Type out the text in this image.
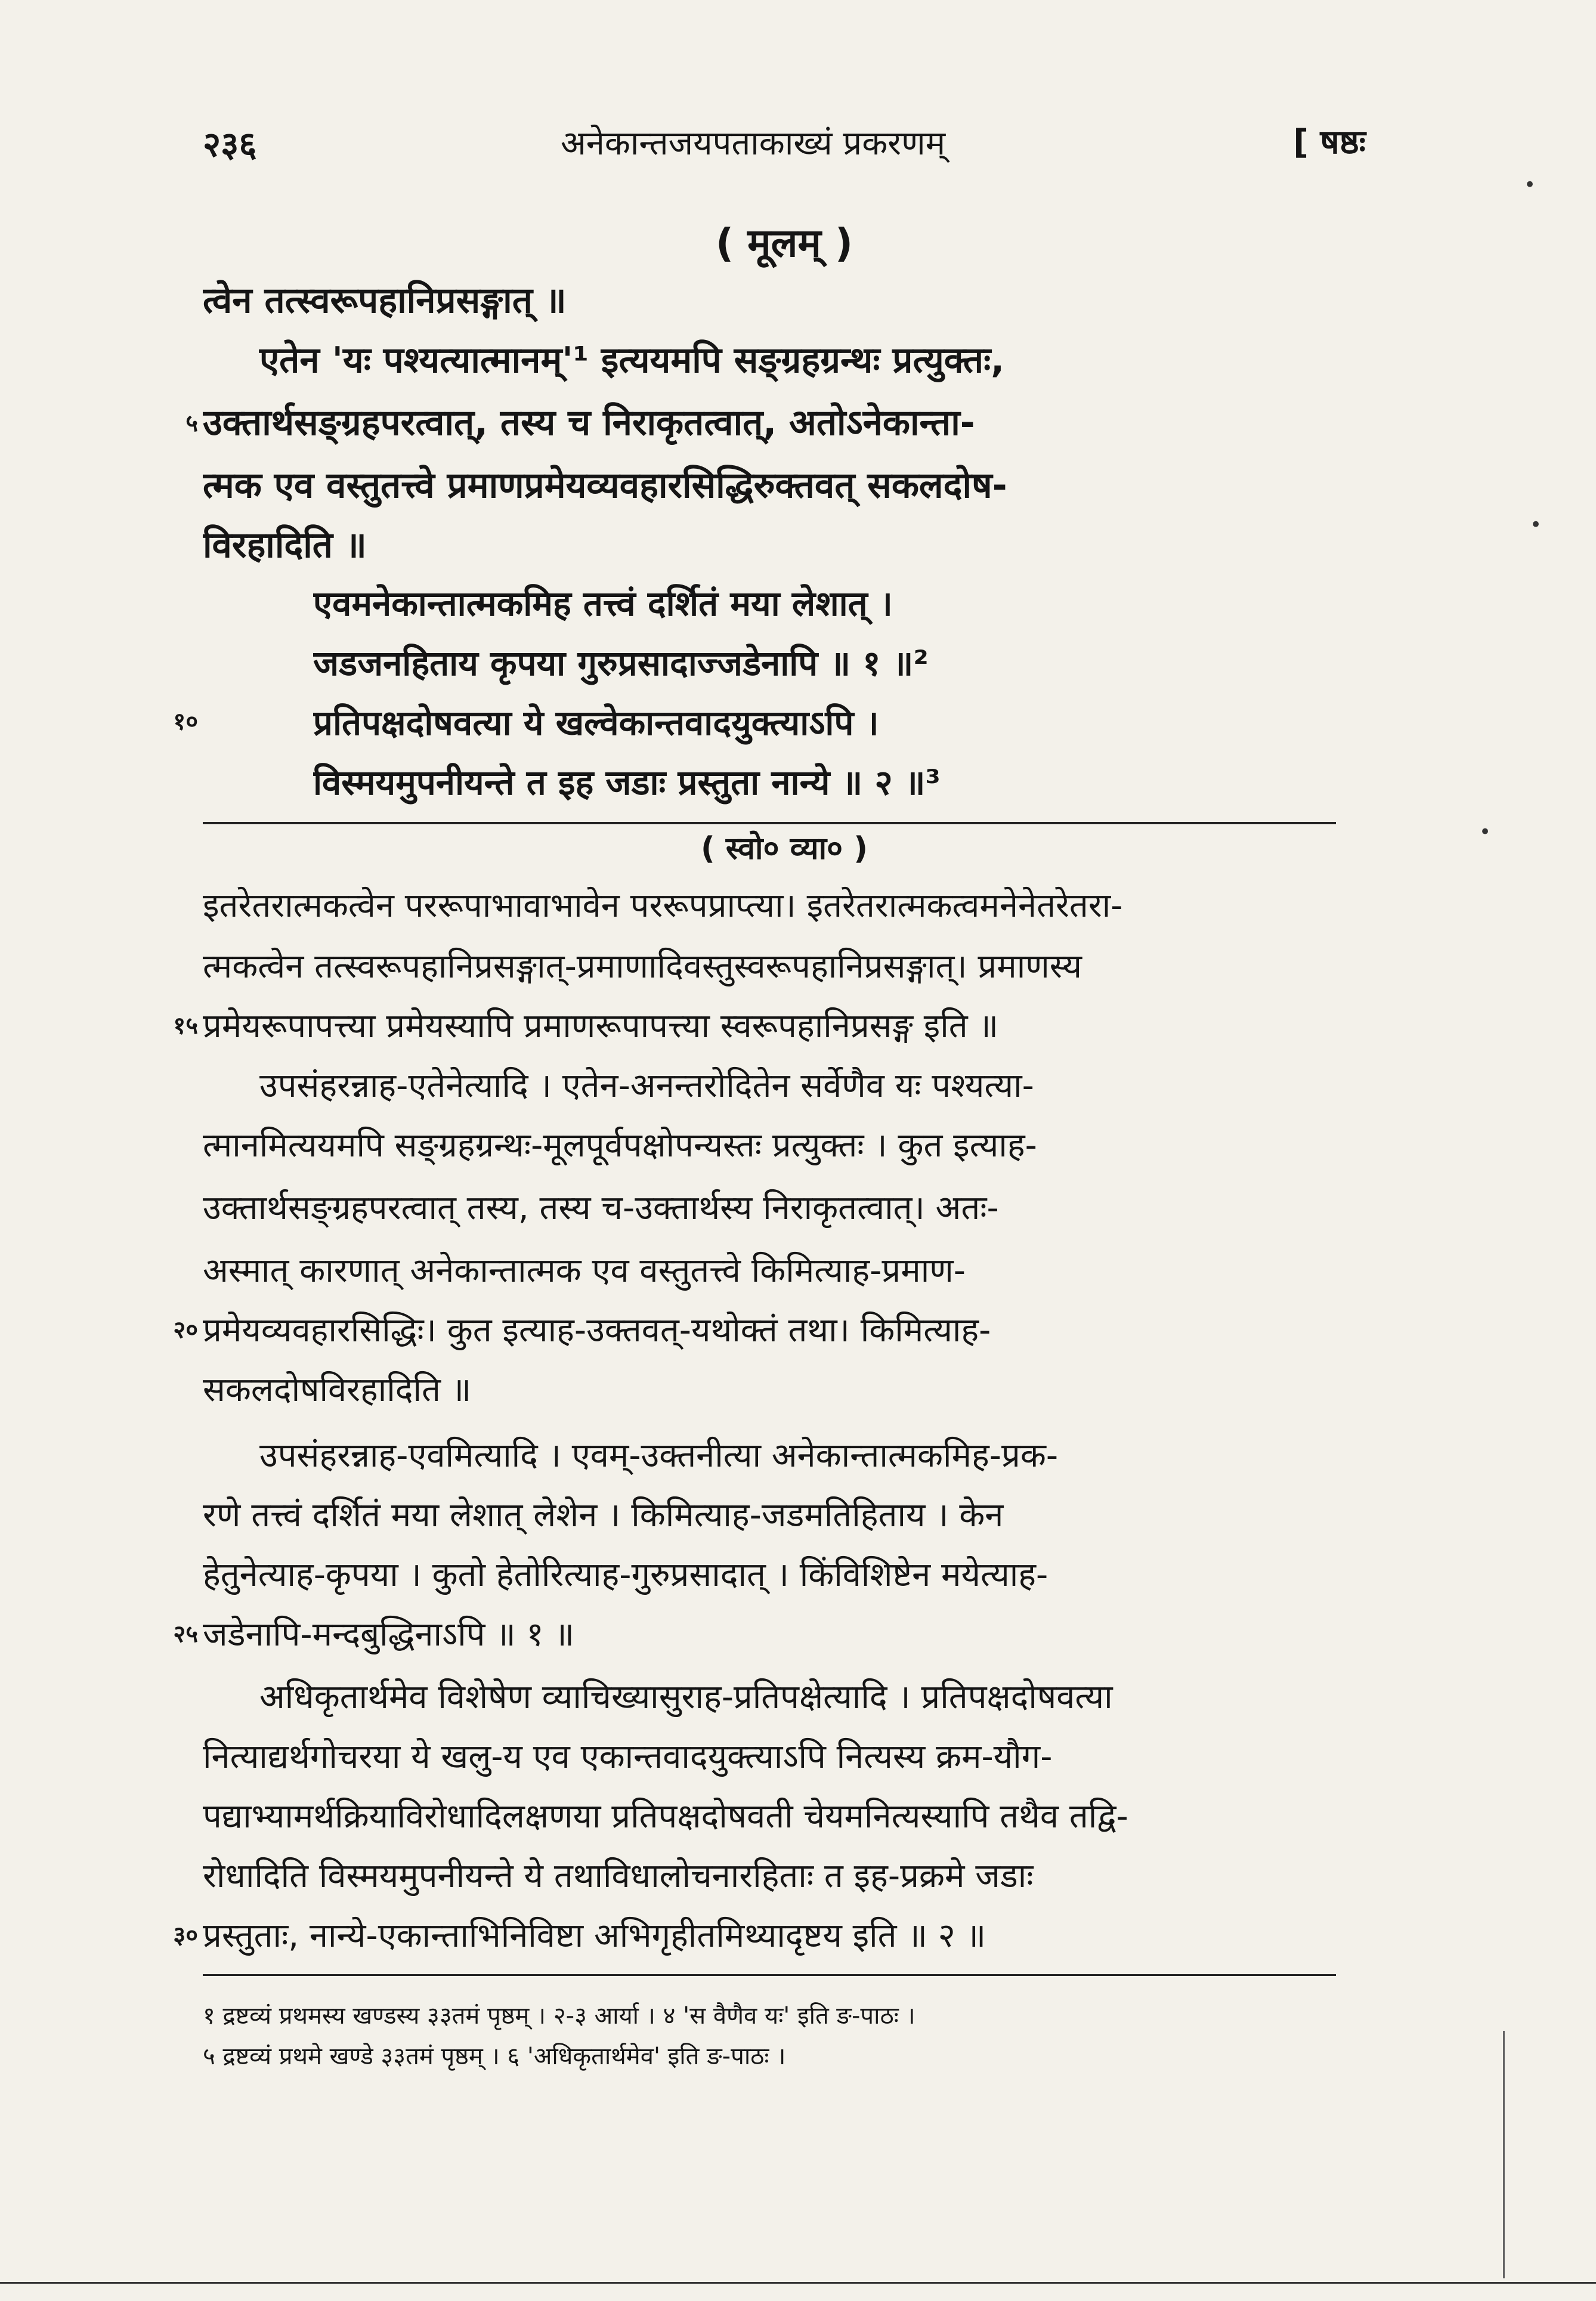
२३६	अनेकान्तजयपताकाख्यं प्रकरणम्	[ षष्ठः
( मूलम् )
त्वेन तत्स्वरूपहानिप्रसङ्गात् ॥
एतेन 'यः पश्यत्यात्मानम्'¹ इत्ययमपि सङ्ग्रहग्रन्थः प्रत्युक्तः,
५ उक्तार्थसङ्ग्रहपरत्वात्, तस्य च निराकृतत्वात्, अतोऽनेकान्ता-
त्मक एव वस्तुतत्त्वे प्रमाणप्रमेयव्यवहारसिद्धिरुक्तवत् सकलदोष-
विरहादिति ॥
एवमनेकान्तात्मकमिह तत्त्वं दर्शितं मया लेशात् ।
जडजनहिताय कृपया गुरुप्रसादाज्जडेनापि ॥ १ ॥²
१०	प्रतिपक्षदोषवत्या ये खल्वेकान्तवादयुक्त्याऽपि ।
विस्मयमुपनीयन्ते त इह जडाः प्रस्तुता नान्ये ॥ २ ॥³
( स्वो० व्या० )
इतरेतरात्मकत्वेन पररूपाभावाभावेन पररूपप्राप्त्या। इतरेतरात्मकत्वमनेनेतरेतरा-
त्मकत्वेन तत्स्वरूपहानिप्रसङ्गात्-प्रमाणादिवस्तुस्वरूपहानिप्रसङ्गात्। प्रमाणस्य
१५ प्रमेयरूपापत्त्या प्रमेयस्यापि प्रमाणरूपापत्त्या स्वरूपहानिप्रसङ्ग इति ॥
उपसंहरन्नाह-एतेनेत्यादि । एतेन-अनन्तरोदितेन सर्वेणैव यः पश्यत्या-
त्मानमित्ययमपि सङ्ग्रहग्रन्थः-मूलपूर्वपक्षोपन्यस्तः प्रत्युक्तः । कुत इत्याह-
उक्तार्थसङ्ग्रहपरत्वात् तस्य, तस्य च-उक्तार्थस्य निराकृतत्वात्। अतः-
अस्मात् कारणात् अनेकान्तात्मक एव वस्तुतत्त्वे किमित्याह-प्रमाण-
२० प्रमेयव्यवहारसिद्धिः। कुत इत्याह-उक्तवत्-यथोक्तं तथा। किमित्याह-
सकलदोषविरहादिति ॥
उपसंहरन्नाह-एवमित्यादि । एवम्-उक्तनीत्या अनेकान्तात्मकमिह-प्रक-
रणे तत्त्वं दर्शितं मया लेशात् लेशेन । किमित्याह-जडमतिहिताय । केन
हेतुनेत्याह-कृपया । कुतो हेतोरित्याह-गुरुप्रसादात् । किंविशिष्टेन मयेत्याह-
२५ जडेनापि-मन्दबुद्धिनाऽपि ॥ १ ॥
अधिकृतार्थमेव विशेषेण व्याचिख्यासुराह-प्रतिपक्षेत्यादि । प्रतिपक्षदोषवत्या
नित्याद्यर्थगोचरया ये खलु-य एव एकान्तवादयुक्त्याऽपि नित्यस्य क्रम-यौग-
पद्याभ्यामर्थक्रियाविरोधादिलक्षणया प्रतिपक्षदोषवती चेयमनित्यस्यापि तथैव तद्वि-
रोधादिति विस्मयमुपनीयन्ते ये तथाविधालोचनारहिताः त इह-प्रक्रमे जडाः
३० प्रस्तुताः, नान्ये-एकान्ताभिनिविष्टा अभिगृहीतमिथ्यादृष्टय इति ॥ २ ॥
१ द्रष्टव्यं प्रथमस्य खण्डस्य ३३तमं पृष्ठम् । २-३ आर्या । ४ 'स वैणैव यः' इति ङ-पाठः ।
५ द्रष्टव्यं प्रथमे खण्डे ३३तमं पृष्ठम् । ६ 'अधिकृतार्थमेव' इति ङ-पाठः ।
•
•
•
